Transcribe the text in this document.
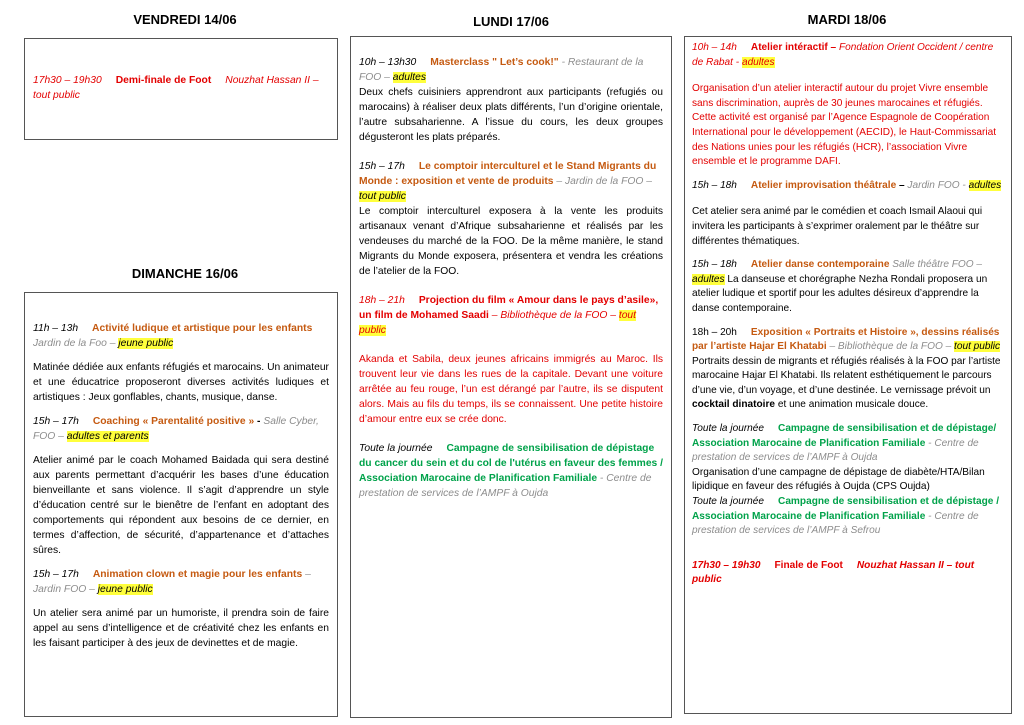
VENDREDI 14/06

17h30 – 19h30 Demi-finale de Foot Nouzhat Hassan II – tout public

DIMANCHE 16/06

11h – 13h Activité ludique et artistique pour les enfants Jardin de la Foo – jeune public

Matinée dédiée aux enfants réfugiés et marocains. Un animateur et une éducatrice proposeront diverses activités ludiques et artistiques : Jeux gonflables, chants, musique, danse.

15h – 17h Coaching « Parentalité positive » - Salle Cyber, FOO – adultes et parents

Atelier animé par le coach Mohamed Baidada qui sera destiné aux parents permettant d’acquérir les bases d’une éducation bienveillante et sans violence. Il s’agit d’apprendre un style d’éducation centré sur le bienêtre de l’enfant en adoptant des comportements qui répondent aux besoins de ce dernier, en termes d’affection, de sécurité, d’appartenance et d’attaches sûres.

15h – 17h Animation clown et magie pour les enfants – Jardin FOO – jeune public

Un atelier sera animé par un humoriste, il prendra soin de faire appel au sens d’intelligence et de créativité chez les enfants en les faisant participer à des jeux de devinettes et de magie.

LUNDI 17/06

10h – 13h30 Masterclass " Let’s cook!" - Restaurant de la FOO – adultes

Deux chefs cuisiniers apprendront aux participants (refugiés ou marocains) à réaliser deux plats différents, l’un d’origine orientale, l’autre subsaharienne. A l’issue du cours, les deux groupes dégusteront les plats préparés.

15h – 17h Le comptoir interculturel et le Stand Migrants du Monde : exposition et vente de produits – Jardin de la FOO – tout public

Le comptoir interculturel exposera à la vente les produits artisanaux venant d’Afrique subsaharienne et réalisés par les vendeuses du marché de la FOO. De la même manière, le stand Migrants du Monde exposera, présentera et vendra les créations de l’atelier de la FOO.

18h – 21h Projection du film « Amour dans le pays d’asile», un film de Mohamed Saadi – Bibliothèque de la FOO – tout public

Akanda et Sabila, deux jeunes africains immigrés au Maroc. Ils trouvent leur vie dans les rues de la capitale. Devant une voiture arrêtée au feu rouge, l’un est dérangé par l’autre, ils se disputent alors. Mais au fils du temps, ils se connaissent. Une petite histoire d’amour entre eux se crée donc.

Toute la journée Campagne de sensibilisation de dépistage du cancer du sein et du col de l'utérus en faveur des femmes / Association Marocaine de Planification Familiale - Centre de prestation de services de l’AMPF à Oujda

MARDI 18/06

10h – 14h Atelier intéractif – Fondation Orient Occident / centre de Rabat - adultes

Organisation d’un atelier interactif autour du projet Vivre ensemble sans discrimination, auprès de 30 jeunes marocaines et réfugiés. Cette activité est organisé par l’Agence Espagnole de Coopération International pour le développement (AECID), le Haut-Commissariat des Nations unies pour les réfugiés (HCR), l’association Vivre ensemble et le programme DAFI.

15h – 18h Atelier improvisation théâtrale – Jardin FOO - adultes

Cet atelier sera animé par le comédien et coach Ismail Alaoui qui invitera les participants à s’exprimer oralement par le théâtre sur différentes thématiques.

15h – 18h Atelier danse contemporaine Salle théâtre FOO – adultes La danseuse et chorégraphe Nezha Rondali proposera un atelier ludique et sportif pour les adultes désireux d’apprendre la danse contemporaine.

18h – 20h Exposition « Portraits et Histoire », dessins réalisés par l’artiste Hajar El Khatabi – Bibliothèque de la FOO – tout public Portraits dessin de migrants et réfugiés réalisés à la FOO par l’artiste marocaine Hajar El Khatabi. Ils relatent esthétiquement le parcours d’une vie, d’un voyage, et d’une destinée. Le vernissage prévoit un cocktail dinatoire et une animation musicale douce.

Toute la journée Campagne de sensibilisation et de dépistage/ Association Marocaine de Planification Familiale - Centre de prestation de services de l’AMPF à Oujda

Organisation d’une campagne de dépistage de diabète/HTA/Bilan lipidique en faveur des réfugiés à Oujda (CPS Oujda)

Toute la journée Campagne de sensibilisation et de dépistage / Association Marocaine de Planification Familiale - Centre de prestation de services de l’AMPF à Sefrou

17h30 – 19h30 Finale de Foot Nouzhat Hassan II – tout public
